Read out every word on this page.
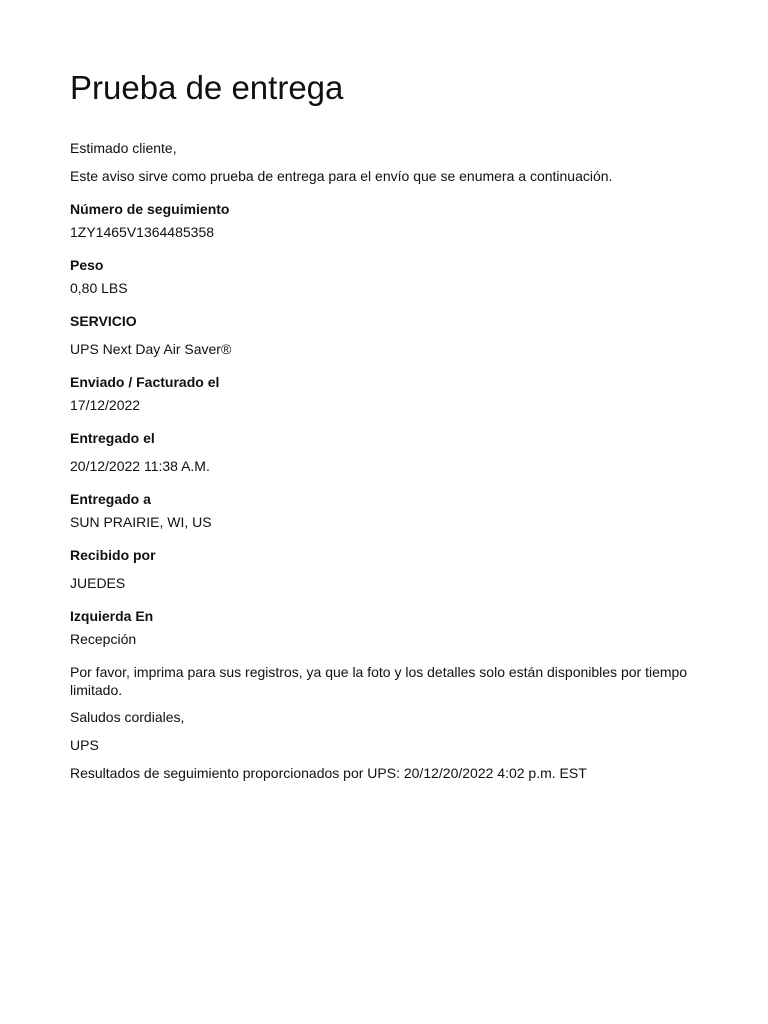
Prueba de entrega
Estimado cliente,
Este aviso sirve como prueba de entrega para el envío que se enumera a continuación.
Número de seguimiento
1ZY1465V1364485358
Peso
0,80 LBS
SERVICIO
UPS Next Day Air Saver®
Enviado / Facturado el
17/12/2022
Entregado el
20/12/2022 11:38 A.M.
Entregado a
SUN PRAIRIE, WI, US
Recibido por
JUEDES
Izquierda En
Recepción
Por favor, imprima para sus registros, ya que la foto y los detalles solo están disponibles por tiempo limitado.
Saludos cordiales,
UPS
Resultados de seguimiento proporcionados por UPS: 20/12/20/2022 4:02 p.m. EST
